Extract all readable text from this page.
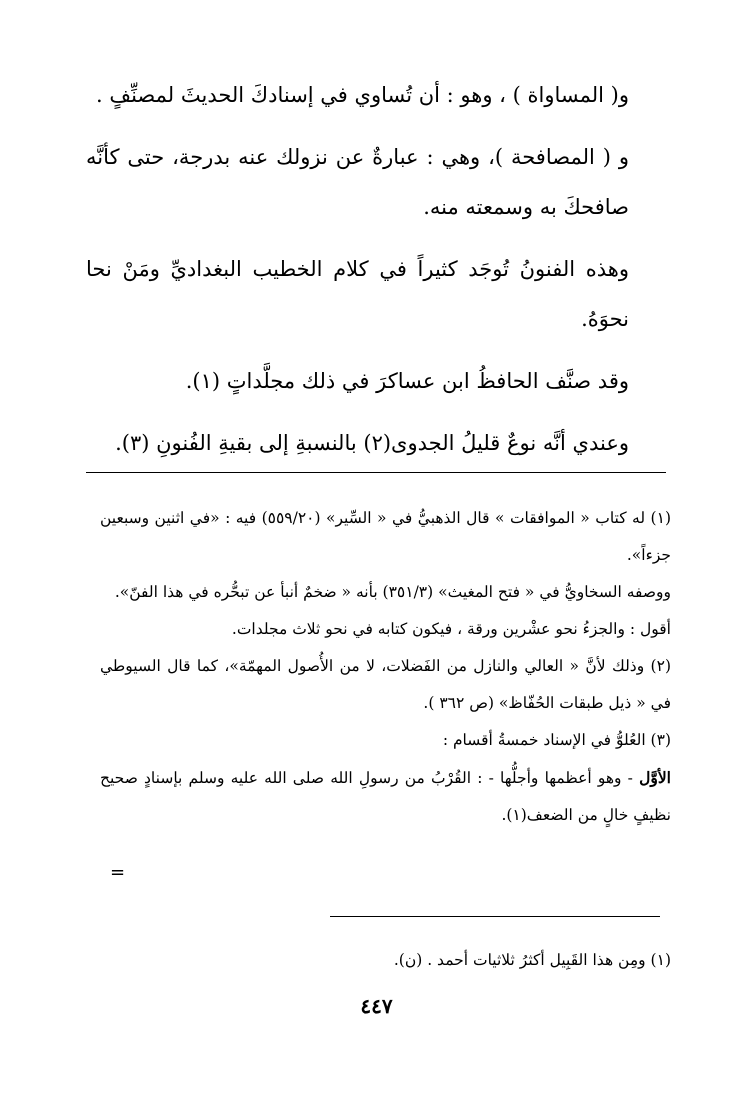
و( المساواة ) ، وهو : أن تُساوي في إسنادكَ الحديثَ لمصنِّفٍ .

و ( المصافحة )، وهي : عبارةٌ عن نزولك عنه بدرجة، حتى كأنَّه صافحكَ به وسمعته منه.

وهذه الفنونُ تُوجَد كثيراً في كلام الخطيب البغداديِّ ومَنْ نحا نحوَهُ.

وقد صنَّف الحافظُ ابن عساكرَ في ذلك مجلَّداتٍ (١).

وعندي أنَّه نوعٌ قليلُ الجدوى(٢) بالنسبةِ إلى بقيةِ الفُنونِ (٣).

(١) له كتاب « الموافقات » قال الذهبيُّ في « السِّير» (٥٥٩/٢٠) فيه : «في اثنين وسبعين جزءاً».

ووصفه السخاويُّ في « فتح المغيث» (٣٥١/٣) بأنه « ضخمٌ أنبأ عن تبحُّره في هذا الفنّ».

أقول : والجزءُ نحو عشْرين ورقة ، فيكون كتابه في نحو ثلاث مجلدات.

(٢) وذلك لأنَّ « العالي والنازل من الفَضلات، لا من الأُصول المهمّة»، كما قال السيوطي في « ذيل طبقات الحُفّاظ» (ص ٣٦٢ ).

(٣) العُلوُّ في الإسناد خمسةُ أقسام :

الأوَّل - وهو أعظمها وأجلُّها - : القُرْبُ من رسولِ الله صلى الله عليه وسلم بإسنادٍ صحيح نظيفٍ خالٍ من الضعف(١).

=
(١) ومِن هذا القَبِيل أكثرُ ثلاثيات أحمد . (ن).
٤٤٧
